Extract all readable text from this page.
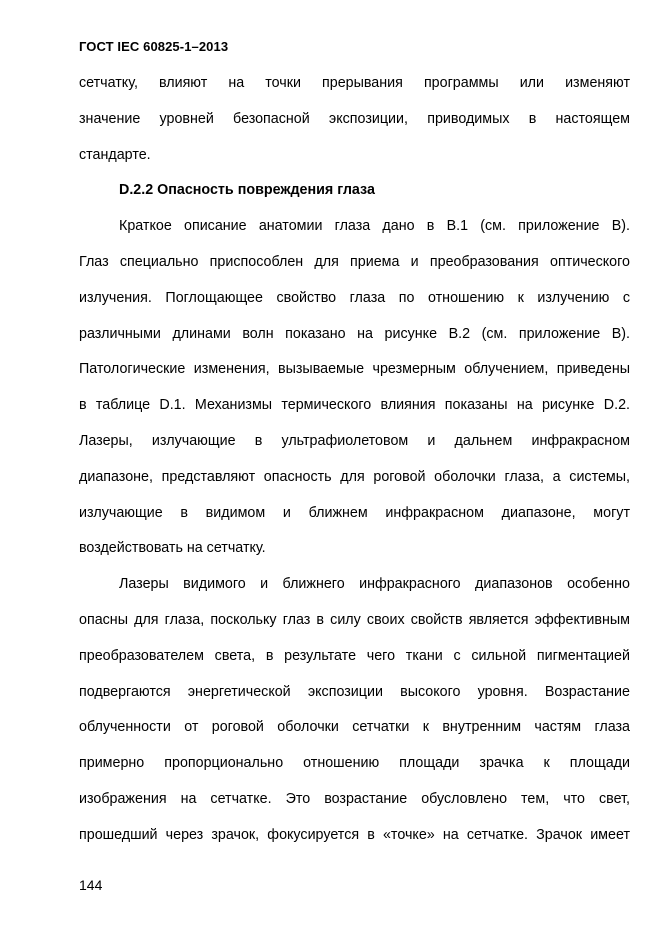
ГОСТ IEC 60825-1–2013
сетчатку, влияют на точки прерывания программы или изменяют
значение уровней безопасной экспозиции, приводимых в настоящем
стандарте.
D.2.2 Опасность повреждения глаза
Краткое описание анатомии глаза дано в В.1 (см. приложение В).
Глаз специально приспособлен для приема и преобразования оптического
излучения. Поглощающее свойство глаза по отношению к излучению с
различными длинами волн показано на рисунке В.2 (см. приложение В).
Патологические изменения, вызываемые чрезмерным облучением, приведены
в таблице D.1. Механизмы термического влияния показаны на рисунке D.2.
Лазеры, излучающие в ультрафиолетовом и дальнем инфракрасном
диапазоне, представляют опасность для роговой оболочки глаза, а системы,
излучающие в видимом и ближнем инфракрасном диапазоне, могут
воздействовать на сетчатку.
Лазеры видимого и ближнего инфракрасного диапазонов особенно
опасны для глаза, поскольку глаз в силу своих свойств является эффективным
преобразователем света, в результате чего ткани с сильной пигментацией
подвергаются энергетической экспозиции высокого уровня. Возрастание
облученности от роговой оболочки сетчатки к внутренним частям глаза
примерно пропорционально отношению площади зрачка к площади
изображения на сетчатке. Это возрастание обусловлено тем, что свет,
прошедший через зрачок, фокусируется в «точке» на сетчатке. Зрачок имеет
144
